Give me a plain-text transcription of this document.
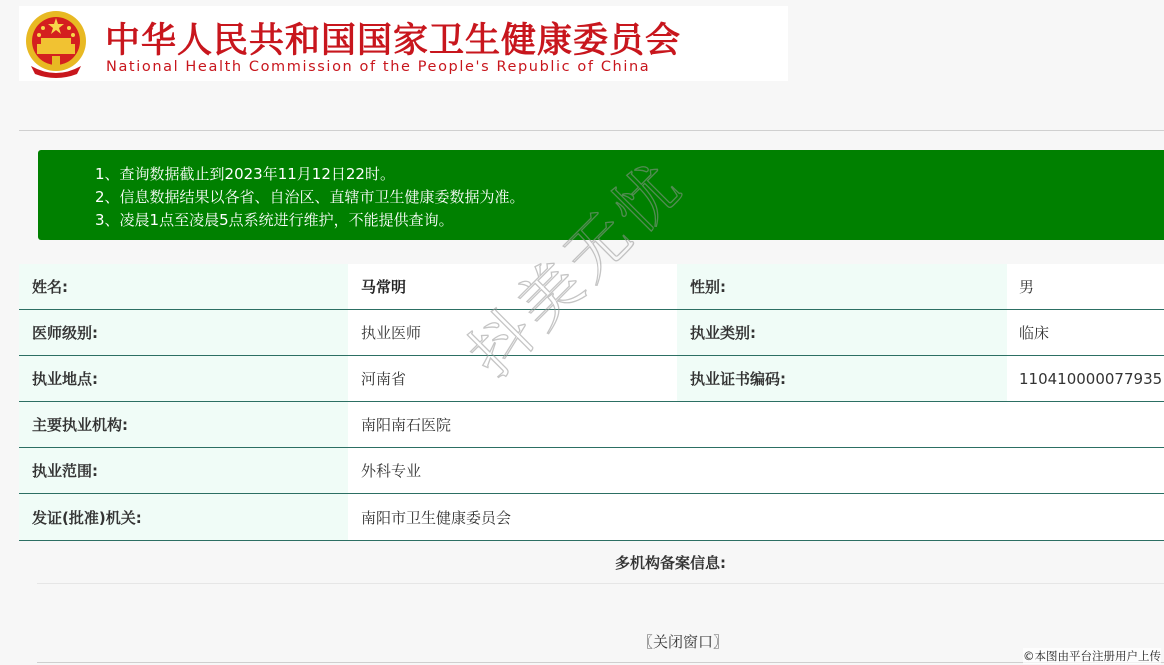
中华人民共和国国家卫生健康委员会
National Health Commission of the People's Republic of China
1、查询数据截止到2023年11月12日22时。
2、信息数据结果以各省、自治区、直辖市卫生健康委数据为准。
3、凌晨1点至凌晨5点系统进行维护，不能提供查询。
姓名:	马常明	性别:	男
医师级别:	执业医师	执业类别:	临床
执业地点:	河南省	执业证书编码:	110410000077935
主要执业机构:	南阳南石医院
执业范围:	外科专业
发证(批准)机关:	南阳市卫生健康委员会
多机构备案信息:
〖关闭窗口〗
©本图由平台注册用户上传
